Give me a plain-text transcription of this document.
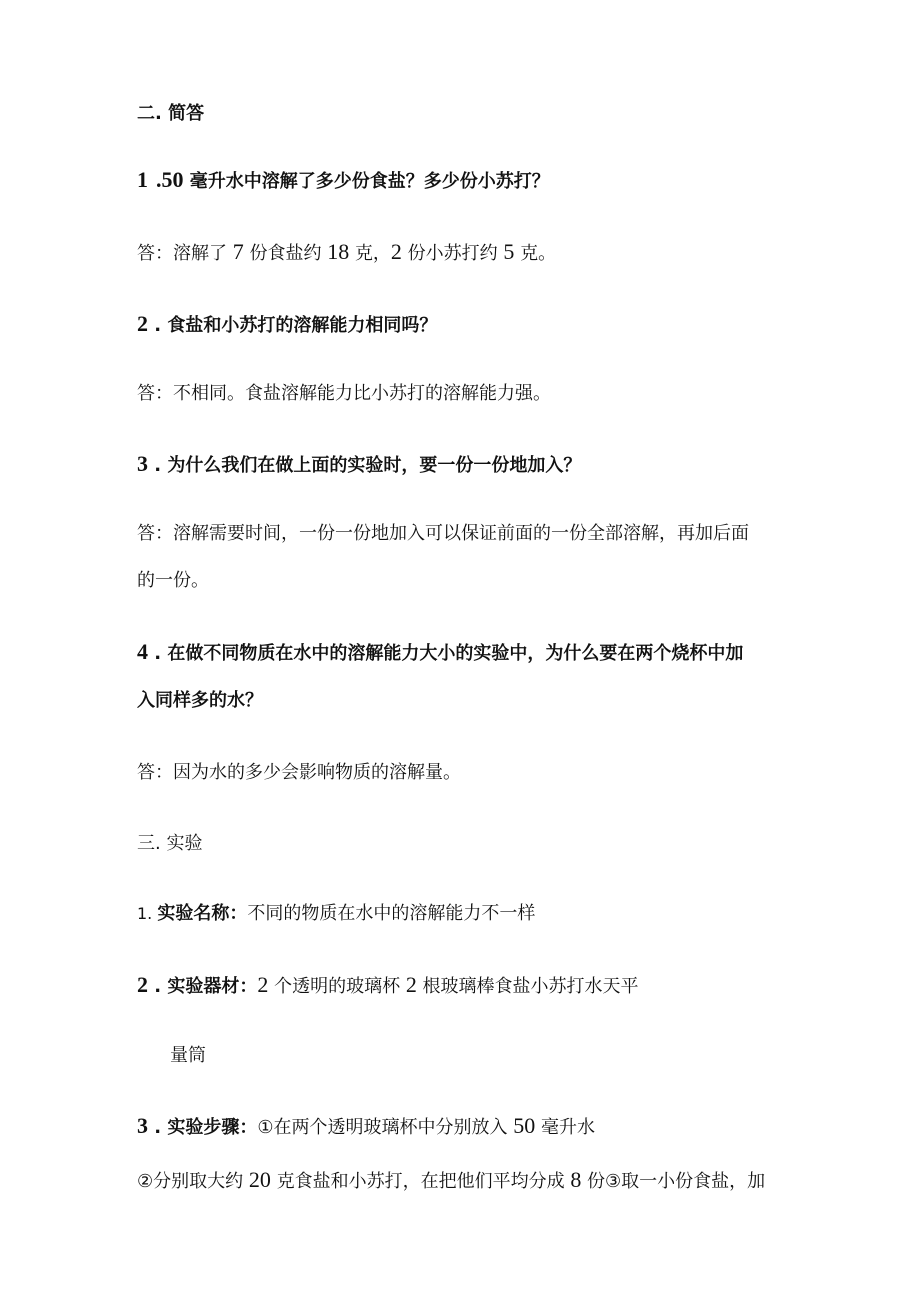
二. 简答
1 .50 毫升水中溶解了多少份食盐？多少份小苏打？
答：溶解了 7 份食盐约 18 克，2 份小苏打约 5 克。
2 . 食盐和小苏打的溶解能力相同吗？
答：不相同。食盐溶解能力比小苏打的溶解能力强。
3 . 为什么我们在做上面的实验时，要一份一份地加入？
答：溶解需要时间，一份一份地加入可以保证前面的一份全部溶解，再加后面
的一份。
4 . 在做不同物质在水中的溶解能力大小的实验中，为什么要在两个烧杯中加
入同样多的水？
答：因为水的多少会影响物质的溶解量。
三. 实验
1. 实验名称：不同的物质在水中的溶解能力不一样
2 . 实验器材：2 个透明的玻璃杯 2 根玻璃棒食盐小苏打水天平
量筒
3 . 实验步骤：①在两个透明玻璃杯中分别放入 50 毫升水
②分别取大约 20 克食盐和小苏打，在把他们平均分成 8 份③取一小份食盐，加
